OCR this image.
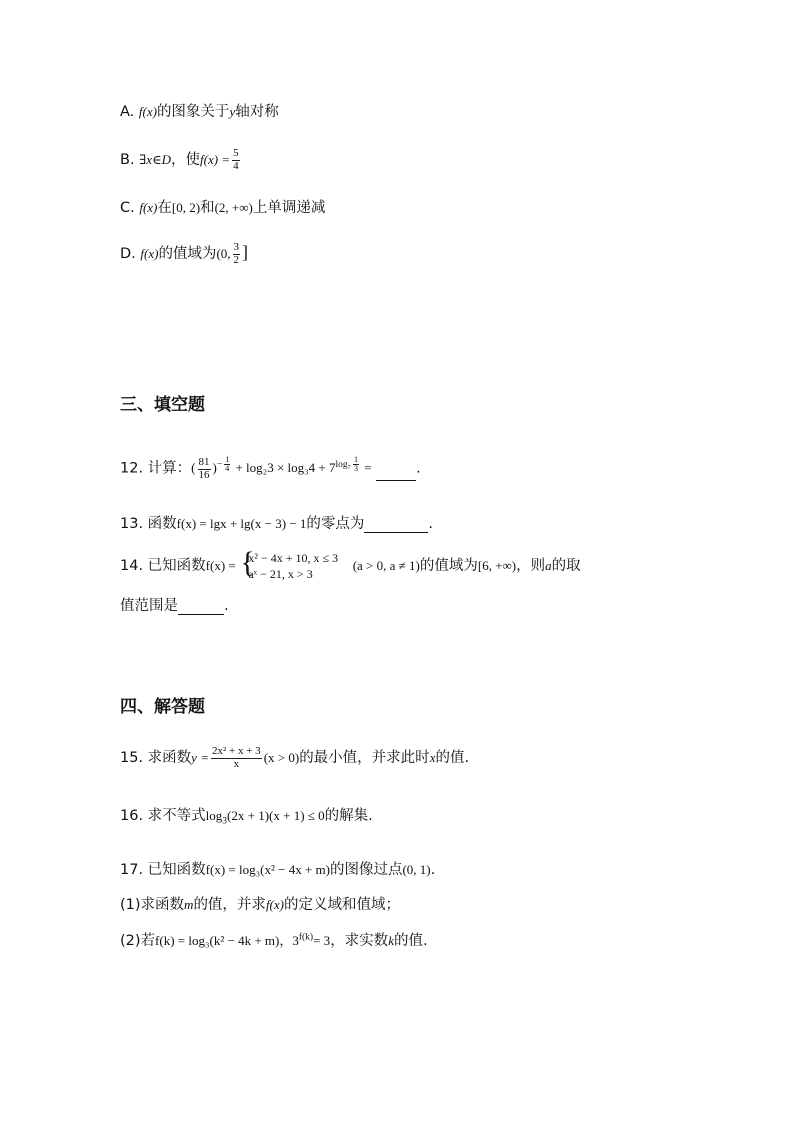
A. f(x)的图象关于y轴对称
B. ∃x∈D，使$f(x) = \frac{5}{4}$
C. f(x)在[0, 2)和(2, +∞)上单调递减
D. f(x)的值域为(0, $\frac{3}{2}$ ]
三、填空题
12. 计算：( $\frac{81}{16} )^{- \frac{1}{4}} + \log_23 \times \log_34 + 7^{log_7 \frac{1}{3}}$ =	.
13. 函数f(x) = lgx + lg(x − 3) − 1的零点为	.
14. 已知函数f(x) = {
x² − 4x + 10, x ≤ 3
aˣ − 21, x > 3
(a > 0, a ≠ 1)的值域为[6, +∞)，则a的取
值范围是	.
四、解答题
15. 求函数$y = \frac{\text{2x² + x + 3}}{x} (x > 0)$的最小值，并求此时x的值.
16. 求不等式$\log_3(2x + 1)(x + 1) \le 0$的解集.
17. 已知函数f(x) = log₃(x² − 4x + m)的图像过点(0, 1).
(1)求函数m的值，并求f(x)的定义域和值域；
(2)若f(k) = log₃(k² − 4k + m)，$3^{f(k)}= 3$，求实数k的值.
